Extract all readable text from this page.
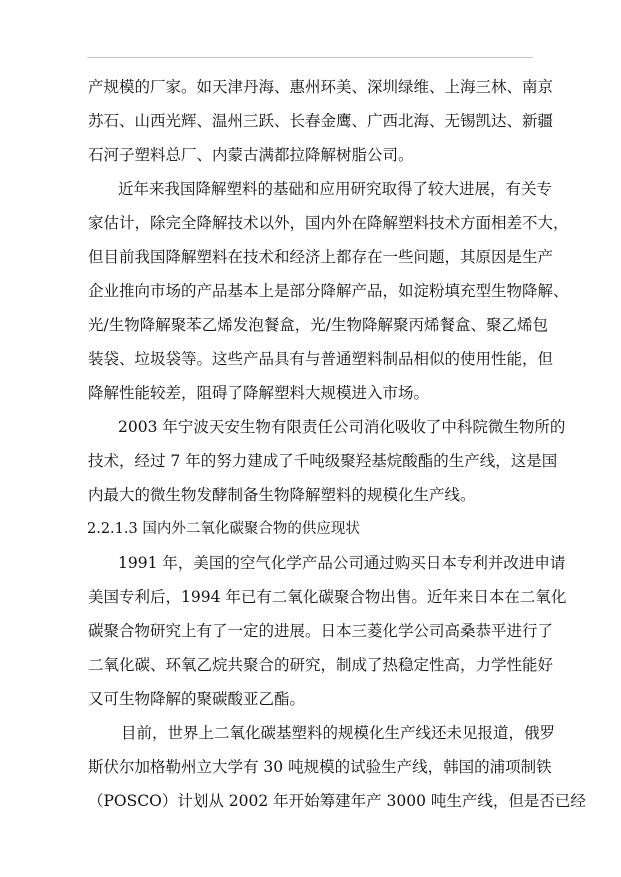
产规模的厂家。如天津丹海、惠州环美、深圳绿维、上海三林、南京
苏石、山西光辉、温州三跃、长春金鹰、广西北海、无锡凯达、新疆
石河子塑料总厂、内蒙古满都拉降解树脂公司。
近年来我国降解塑料的基础和应用研究取得了较大进展，有关专
家估计，除完全降解技术以外，国内外在降解塑料技术方面相差不大，
但目前我国降解塑料在技术和经济上都存在一些问题，其原因是生产
企业推向市场的产品基本上是部分降解产品，如淀粉填充型生物降解、
光/生物降解聚苯乙烯发泡餐盒，光/生物降解聚丙烯餐盒、聚乙烯包
装袋、垃圾袋等。这些产品具有与普通塑料制品相似的使用性能，但
降解性能较差，阻碍了降解塑料大规模进入市场。
2003 年宁波天安生物有限责任公司消化吸收了中科院微生物所的
技术，经过 7 年的努力建成了千吨级聚羟基烷酸酯的生产线，这是国
内最大的微生物发酵制备生物降解塑料的规模化生产线。
2.2.1.3 国内外二氧化碳聚合物的供应现状
1991 年，美国的空气化学产品公司通过购买日本专利并改进申请
美国专利后，1994 年已有二氧化碳聚合物出售。近年来日本在二氧化
碳聚合物研究上有了一定的进展。日本三菱化学公司高桑恭平进行了
二氧化碳、环氧乙烷共聚合的研究，制成了热稳定性高，力学性能好
又可生物降解的聚碳酸亚乙酯。
目前，世界上二氧化碳基塑料的规模化生产线还未见报道，俄罗
斯伏尔加格勒州立大学有 30 吨规模的试验生产线，韩国的浦项制铁
（POSCO）计划从 2002 年开始筹建年产 3000 吨生产线，但是否已经
